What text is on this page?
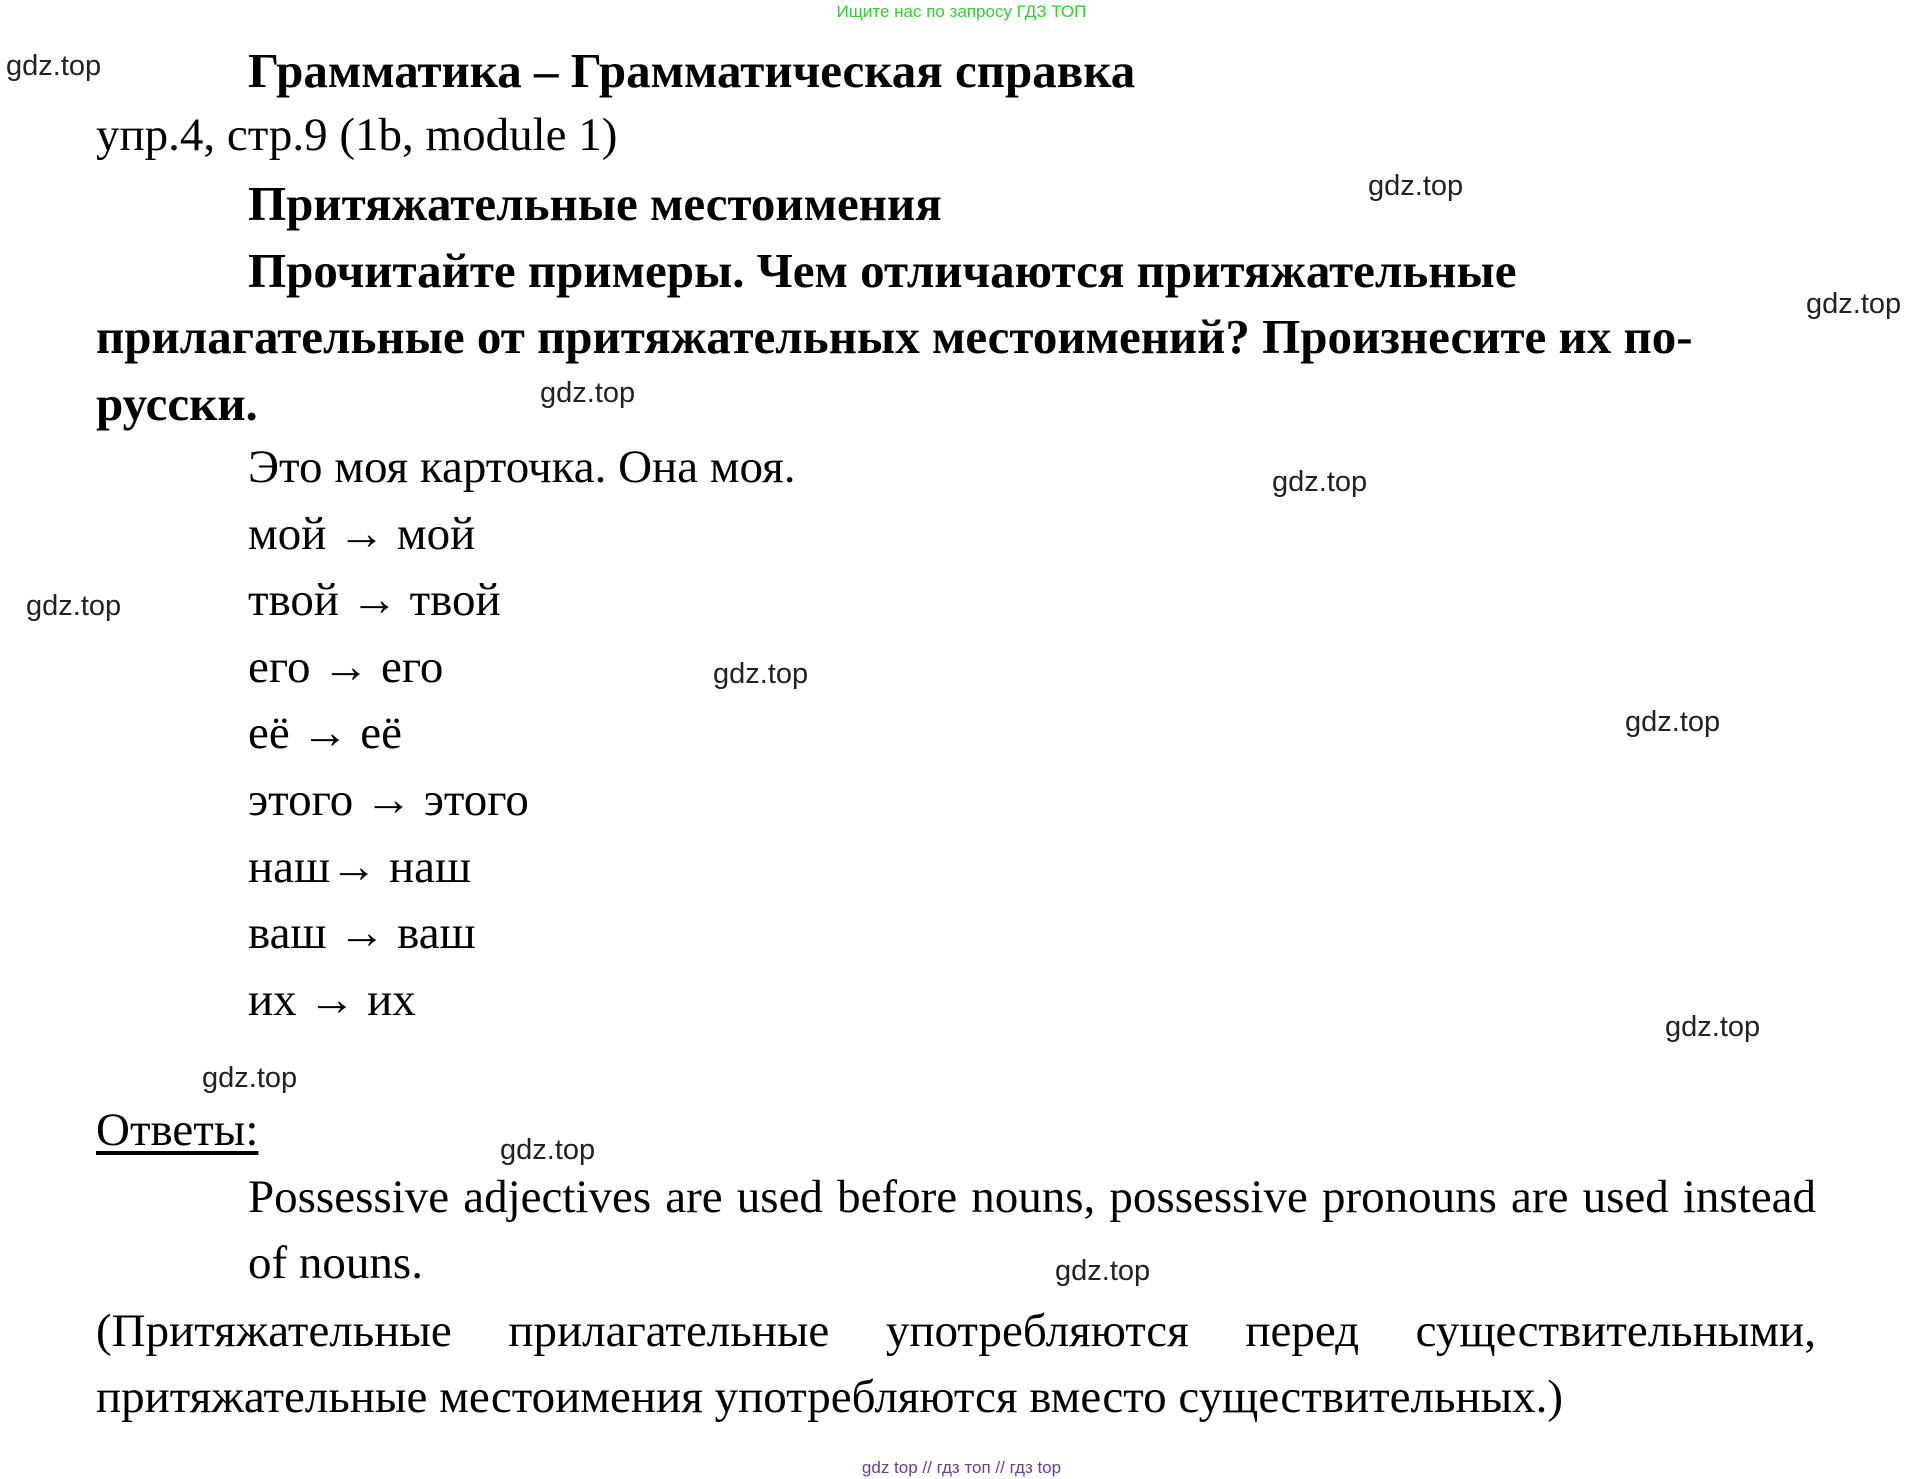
Ищите нас по запросу ГДЗ ТОП
Грамматика – Грамматическая справка
упр.4, стр.9 (1b, module 1)
Притяжательные местоимения
Прочитайте примеры. Чем отличаются притяжательные
прилагательные от притяжательных местоимений? Произнесите их по-
русски.
Это моя карточка. Она моя.
мой → мой
твой → твой
его → его
её → её
этого → этого
наш→ наш
ваш → ваш
их → их
Ответы:
Possessive adjectives are used before nouns, possessive pronouns are used instead of nouns.
(Притяжательные прилагательные употребляются перед существительными, притяжательные местоимения употребляются вместо существительных.)
gdz.top
gdz.top
gdz.top
gdz.top
gdz.top
gdz.top
gdz.top
gdz.top
gdz.top
gdz.top
gdz.top
gdz.top
gdz top // гдз топ // гдз top
